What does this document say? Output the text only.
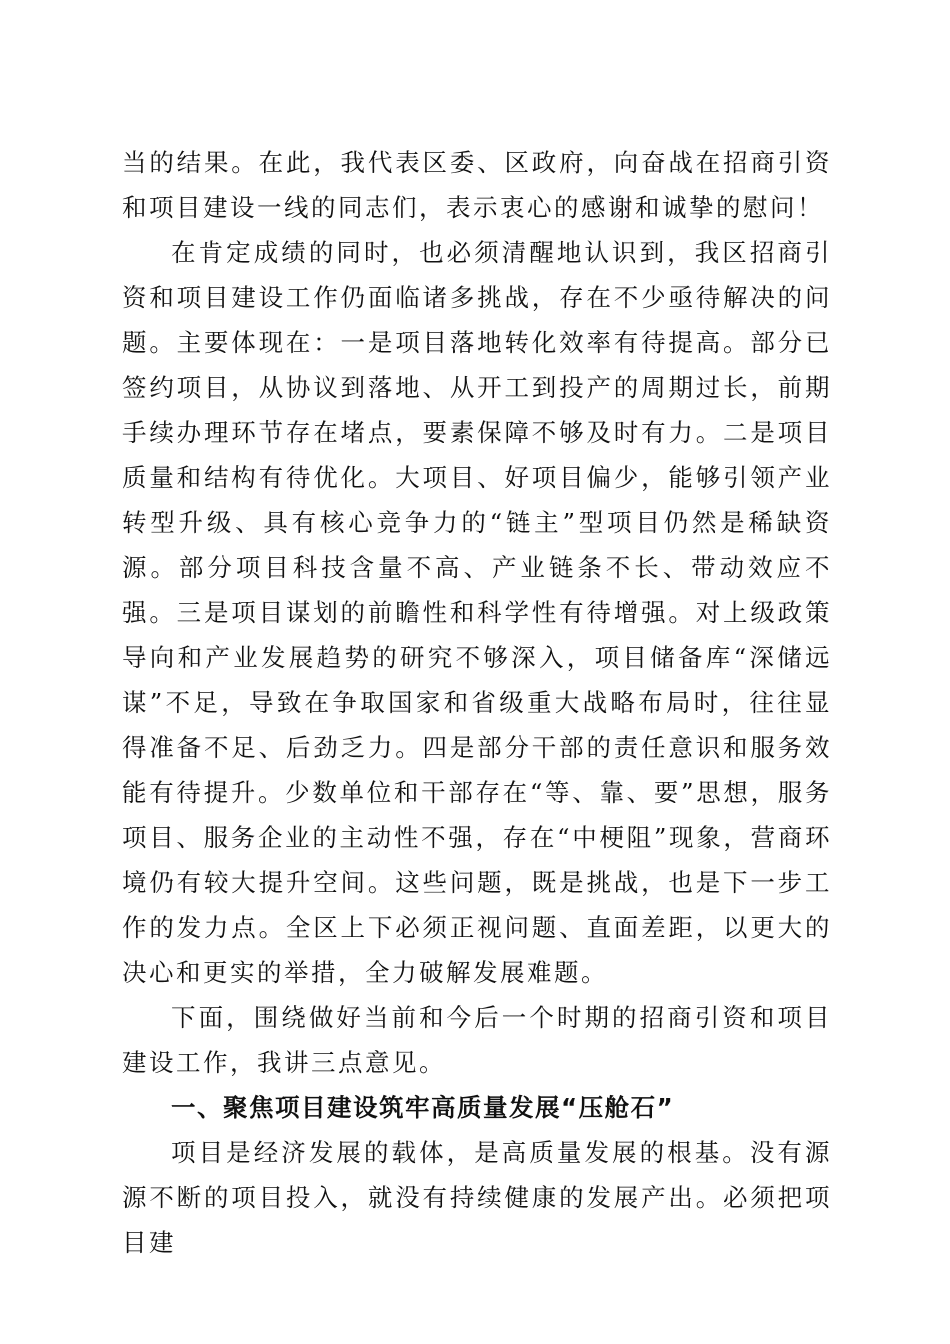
当的结果。在此，我代表区委、区政府，向奋战在招商引资和项目建设一线的同志们，表示衷心的感谢和诚挚的慰问！

在肯定成绩的同时，也必须清醒地认识到，我区招商引资和项目建设工作仍面临诸多挑战，存在不少亟待解决的问题。主要体现在：一是项目落地转化效率有待提高。部分已签约项目，从协议到落地、从开工到投产的周期过长，前期手续办理环节存在堵点，要素保障不够及时有力。二是项目质量和结构有待优化。大项目、好项目偏少，能够引领产业转型升级、具有核心竞争力的“链主”型项目仍然是稀缺资源。部分项目科技含量不高、产业链条不长、带动效应不强。三是项目谋划的前瞻性和科学性有待增强。对上级政策导向和产业发展趋势的研究不够深入，项目储备库“深储远谋”不足，导致在争取国家和省级重大战略布局时，往往显得准备不足、后劲乏力。四是部分干部的责任意识和服务效能有待提升。少数单位和干部存在“等、靠、要”思想，服务项目、服务企业的主动性不强，存在“中梗阻”现象，营商环境仍有较大提升空间。这些问题，既是挑战，也是下一步工作的发力点。全区上下必须正视问题、直面差距，以更大的决心和更实的举措，全力破解发展难题。

下面，围绕做好当前和今后一个时期的招商引资和项目建设工作，我讲三点意见。

一、聚焦项目建设筑牢高质量发展“压舱石”

项目是经济发展的载体，是高质量发展的根基。没有源源不断的项目投入，就没有持续健康的发展产出。必须把项目建
